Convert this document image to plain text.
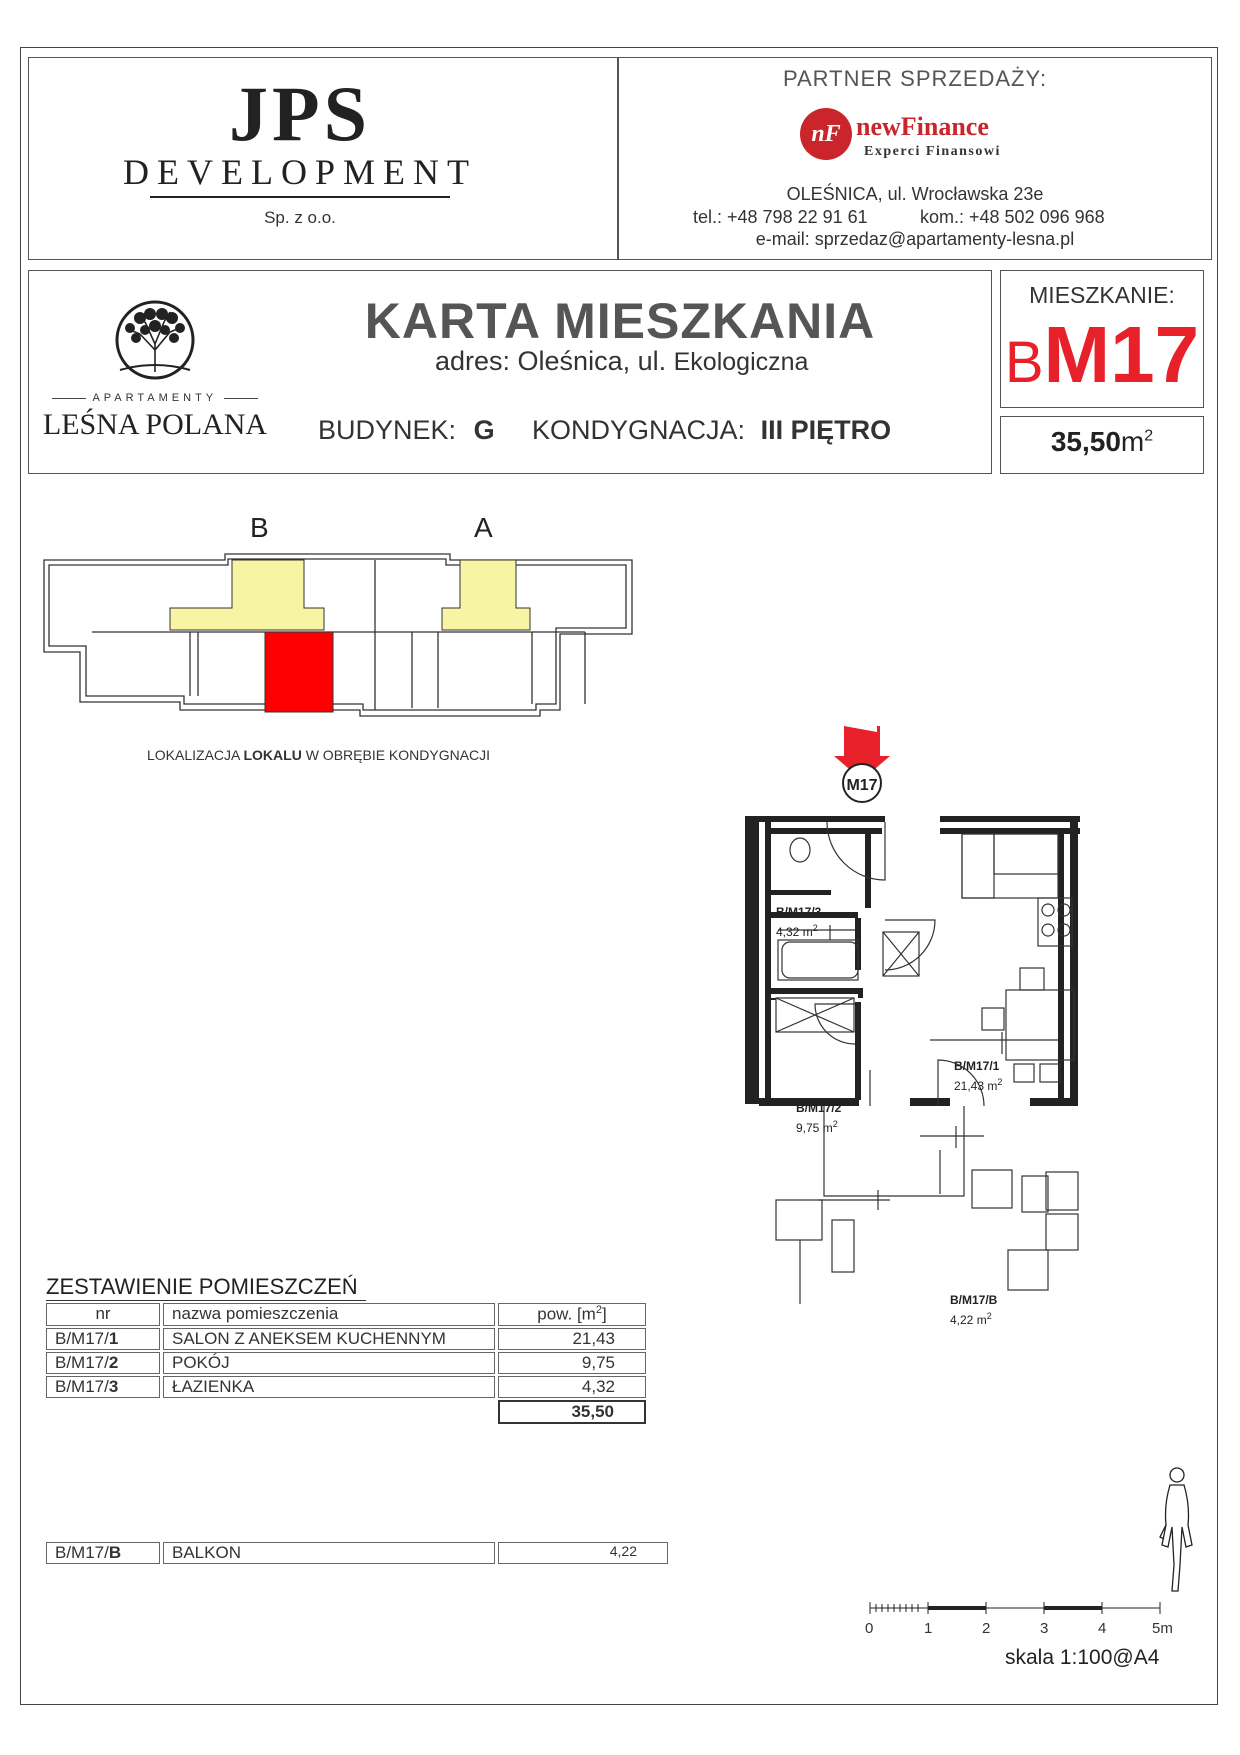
JPS
DEVELOPMENT
Sp. z o.o.
PARTNER SPRZEDAŻY:
nF newFinance
Experci Finansowi
OLEŚNICA, ul. Wrocławska 23e
tel.: +48 798 22 91 61	kom.: +48 502 096 968
e-mail: sprzedaz@apartamenty-lesna.pl
APARTAMENTY
LEŚNA POLANA
KARTA MIESZKANIA
adres: Oleśnica, ul. Ekologiczna
BUDYNEK: G KONDYGNACJA: III PIĘTRO
MIESZKANIE:
BM17
$35,50m^2$
B	A
LOKALIZACJA LOKALU W OBRĘBIE KONDYGNACJI
M17
B/M17/3
4,32 $m^2$
B/M17/1
21,43 $m^2$
B/M17/2
9,75 $m^2$
B/M17/B
4,22 $m^2$
ZESTAWIENIE POMIESZCZEŃ
nr	nazwa pomieszczenia	pow. $[m^2]$
B/M17/1	SALON Z ANEKSEM KUCHENNYM	21,43
B/M17/2	POKÓJ	9,75
B/M17/3	ŁAZIENKA	4,32
		35,50
B/M17/B	BALKON	4,22
0	1	2	3	4	5m
skala 1:100@A4
